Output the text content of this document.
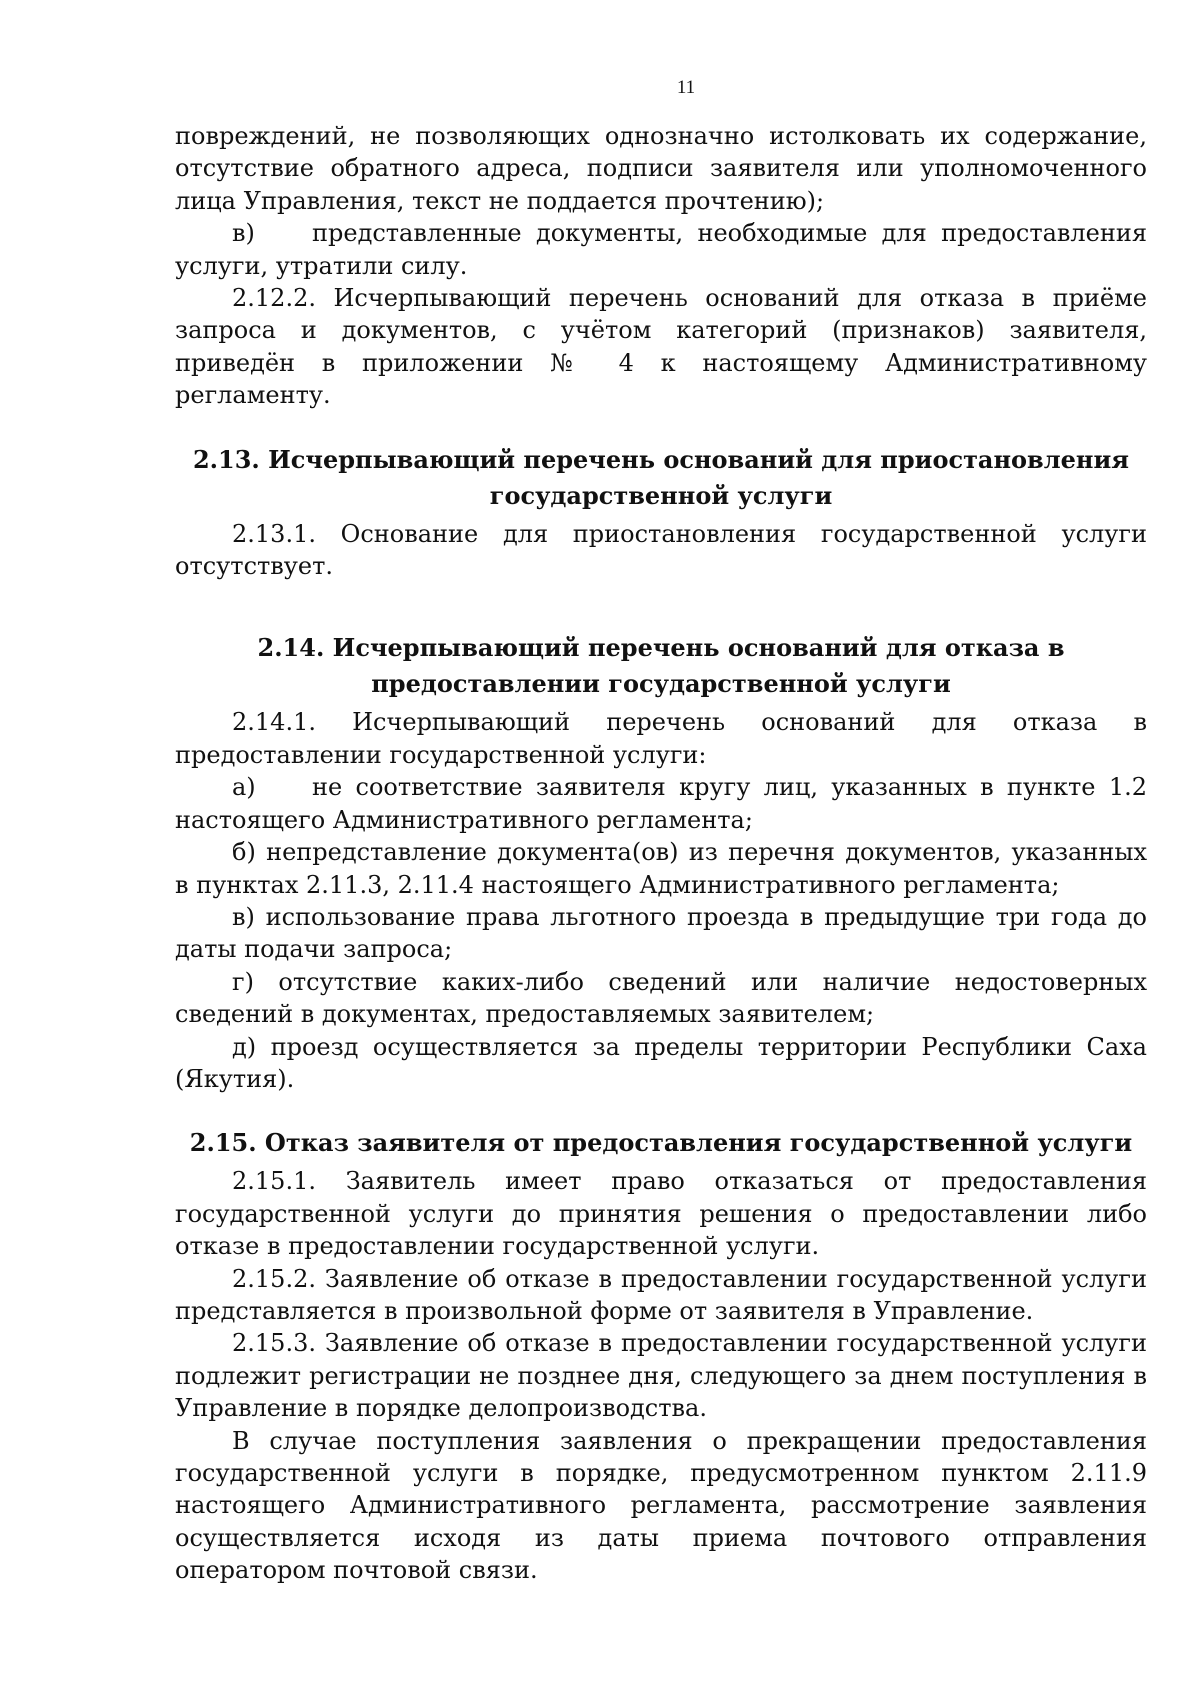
11

повреждений, не позволяющих однозначно истолковать их содержание, отсутствие обратного адреса, подписи заявителя или уполномоченного лица Управления, текст не поддается прочтению);

в) представленные документы, необходимые для предоставления услуги, утратили силу.

2.12.2. Исчерпывающий перечень оснований для отказа в приёме запроса и документов, с учётом категорий (признаков) заявителя, приведён в приложении № 4 к настоящему Административному регламенту.

2.13. Исчерпывающий перечень оснований для приостановления государственной услуги

2.13.1. Основание для приостановления государственной услуги отсутствует.

2.14. Исчерпывающий перечень оснований для отказа в предоставлении государственной услуги

2.14.1. Исчерпывающий перечень оснований для отказа в предоставлении государственной услуги:

а) не соответствие заявителя кругу лиц, указанных в пункте 1.2 настоящего Административного регламента;

б) непредставление документа(ов) из перечня документов, указанных в пунктах 2.11.3, 2.11.4 настоящего Административного регламента;

в) использование права льготного проезда в предыдущие три года до даты подачи запроса;

г) отсутствие каких-либо сведений или наличие недостоверных сведений в документах, предоставляемых заявителем;

д) проезд осуществляется за пределы территории Республики Саха (Якутия).

2.15. Отказ заявителя от предоставления государственной услуги

2.15.1. Заявитель имеет право отказаться от предоставления государственной услуги до принятия решения о предоставлении либо отказе в предоставлении государственной услуги.

2.15.2. Заявление об отказе в предоставлении государственной услуги представляется в произвольной форме от заявителя в Управление.

2.15.3. Заявление об отказе в предоставлении государственной услуги подлежит регистрации не позднее дня, следующего за днем поступления в Управление в порядке делопроизводства.

В случае поступления заявления о прекращении предоставления государственной услуги в порядке, предусмотренном пунктом 2.11.9 настоящего Административного регламента, рассмотрение заявления осуществляется исходя из даты приема почтового отправления оператором почтовой связи.
